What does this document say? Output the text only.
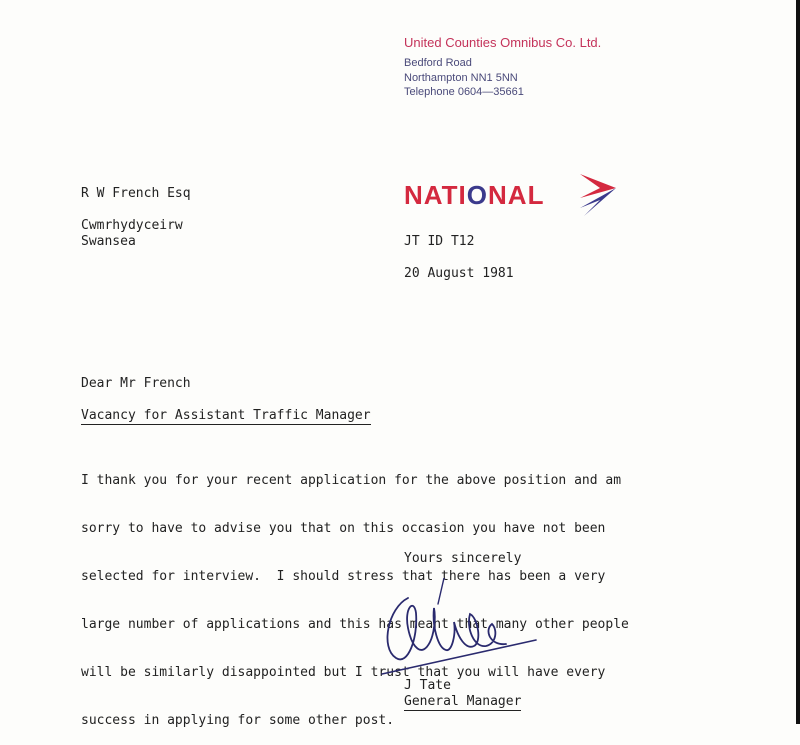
United Counties Omnibus Co. Ltd.
Bedford Road
Northampton NN1 5NN
Telephone 0604—35661
NATIONAL
R W French Esq
Cwmrhydyceirw
Swansea	JT ID T12
20 August 1981
Dear Mr French
Vacancy for Assistant Traffic Manager

I thank you for your recent application for the above position and am

sorry to have to advise you that on this occasion you have not been

selected for interview.  I should stress that there has been a very

large number of applications and this has meant that many other people

will be similarly disappointed but I trust that you will have every

success in applying for some other post.

Yours sincerely
J Tate
General Manager
